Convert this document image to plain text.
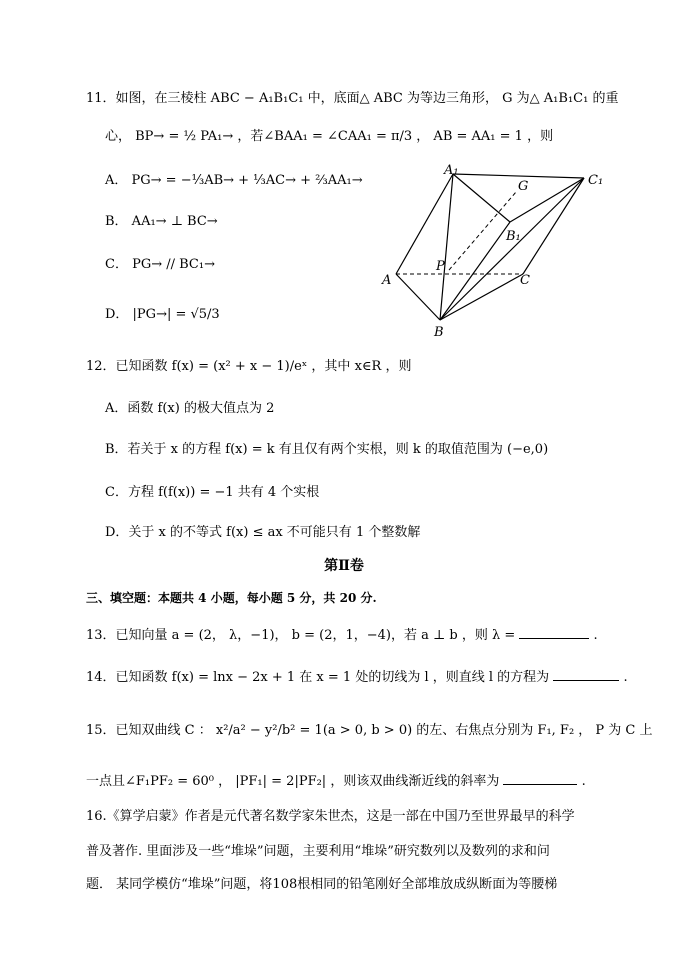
11．如图，在三棱柱 ABC − A₁B₁C₁ 中，底面△ ABC 为等边三角形， G 为△ A₁B₁C₁ 的重
心， BP→ = ½ PA₁→ ，若∠BAA₁ = ∠CAA₁ = π/3 ， AB = AA₁ = 1 ，则
A． PG→ = −⅓AB→ + ⅓AC→ + ⅔AA₁→
B． AA₁→ ⊥ BC→
C． PG→ // BC₁→
D． |PG→| = √5/3
A₁
G	C₁
B₁
P
A	C
B
12．已知函数 f(x) = (x² + x − 1)/eˣ ，其中 x∈R ，则
A．函数 f(x) 的极大值点为 2
B．若关于 x 的方程 f(x) = k 有且仅有两个实根，则 k 的取值范围为 (−e,0)
C．方程 f(f(x)) = −1 共有 4 个实根
D．关于 x 的不等式 f(x) ≤ ax 不可能只有 1 个整数解
第Ⅱ卷
三、填空题：本题共 4 小题，每小题 5 分，共 20 分.
13．已知向量 a = (2， λ，−1)， b = (2，1，−4)，若 a ⊥ b ，则 λ =	.
14．已知函数 f(x) = lnx − 2x + 1 在 x = 1 处的切线为 l ，则直线 l 的方程为	.
15．已知双曲线 C ： x²/a² − y²/b² = 1(a > 0, b > 0) 的左、右焦点分别为 F₁, F₂ ， P 为 C 上
一点且∠F₁PF₂ = 60⁰ ， |PF₁| = 2|PF₂| ，则该双曲线渐近线的斜率为	.
16.《算学启蒙》作者是元代著名数学家朱世杰，这是一部在中国乃至世界最早的科学
普及著作. 里面涉及一些“堆垛”问题，主要利用“堆垛”研究数列以及数列的求和问
题． 某同学模仿“堆垛”问题，将108根相同的铅笔刚好全部堆放成纵断面为等腰梯
